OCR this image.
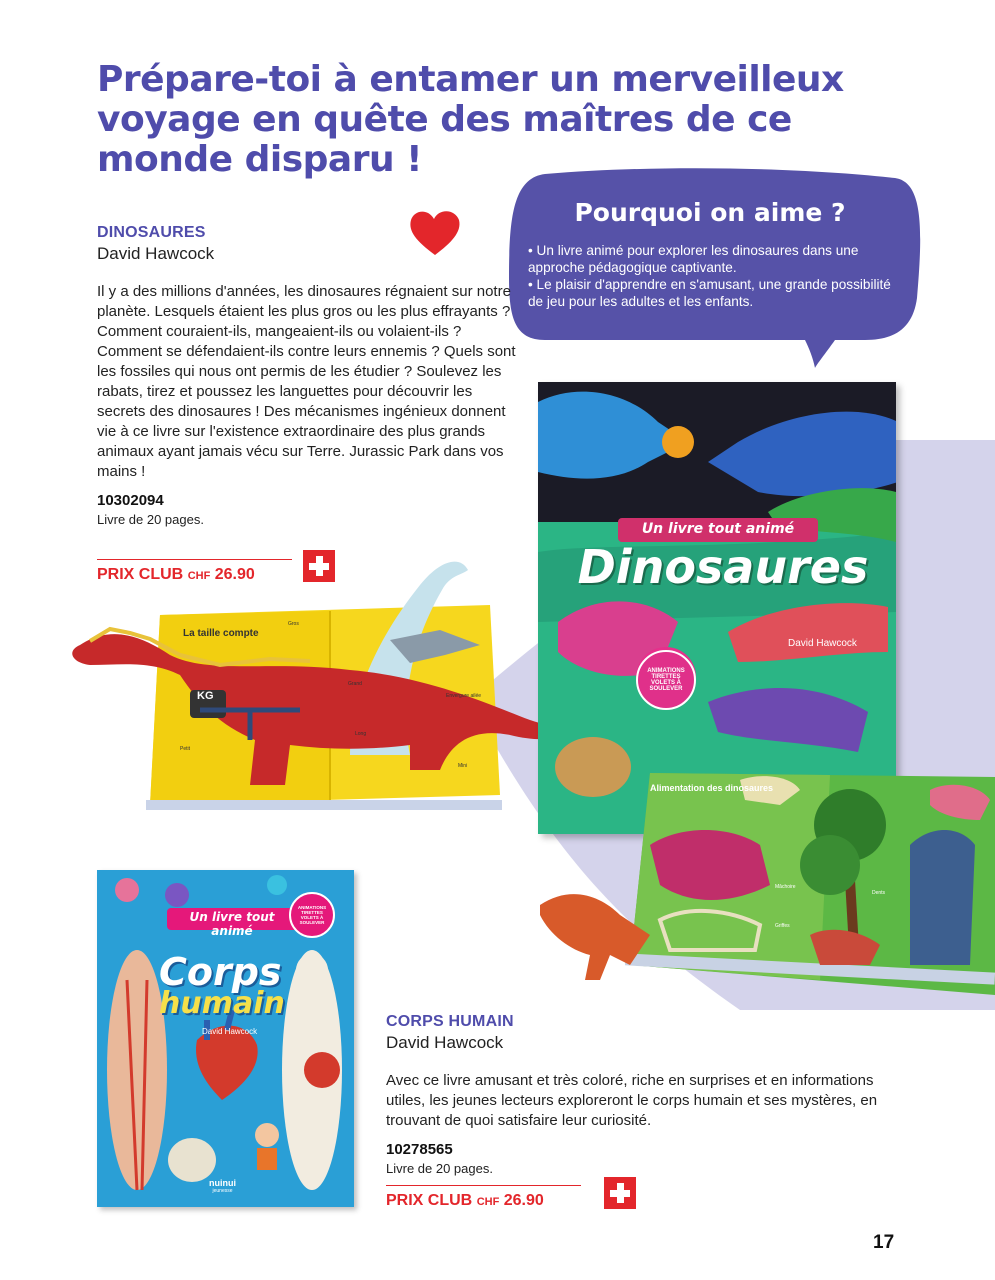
Prépare-toi à entamer un merveilleux voyage en quête des maîtres de ce monde disparu !
Pourquoi on aime ?
• Un livre animé pour explorer les dinosaures dans une approche pédagogique captivante.
• Le plaisir d'apprendre en s'amusant, une grande possibilité de jeu pour les adultes et les enfants.
DINOSAURES
David Hawcock
Il y a des millions d'années, les dinosaures régnaient sur notre planète. Lesquels étaient les plus gros ou les plus effrayants ? Comment couraient-ils, mangeaient-ils ou volaient-ils ? Comment se défendaient-ils contre leurs ennemis ? Quels sont les fossiles qui nous ont permis de les étudier ? Soulevez les rabats, tirez et poussez les languettes pour découvrir les secrets des dinosaures ! Des mécanismes ingénieux donnent vie à ce livre sur l'existence extraordinaire des plus grands animaux ayant jamais vécu sur Terre. Jurassic Park dans vos mains !
10302094
Livre de 20 pages.
PRIX CLUB CHF 26.90
KG
La taille compte
Gros
Grand
Long
Envergure ailée
Petit
Mini
Un livre tout animé
Dinosaures
David Hawcock
ANIMATIONS TIRETTES VOLETS À SOULEVER
Alimentation des dinosaures
Mâchoire
Dents
Griffes
Un livre tout animé
Corps
humain
David Hawcock
ANIMATIONS TIRETTES VOLETS À SOULEVER
nuinui
jeunesse
CORPS HUMAIN
David Hawcock
Avec ce livre amusant et très coloré, riche en surprises et en informations utiles, les jeunes lecteurs exploreront le corps humain et ses mystères, en trouvant de quoi satisfaire leur curiosité.
10278565
Livre de 20 pages.
PRIX CLUB CHF 26.90
17
